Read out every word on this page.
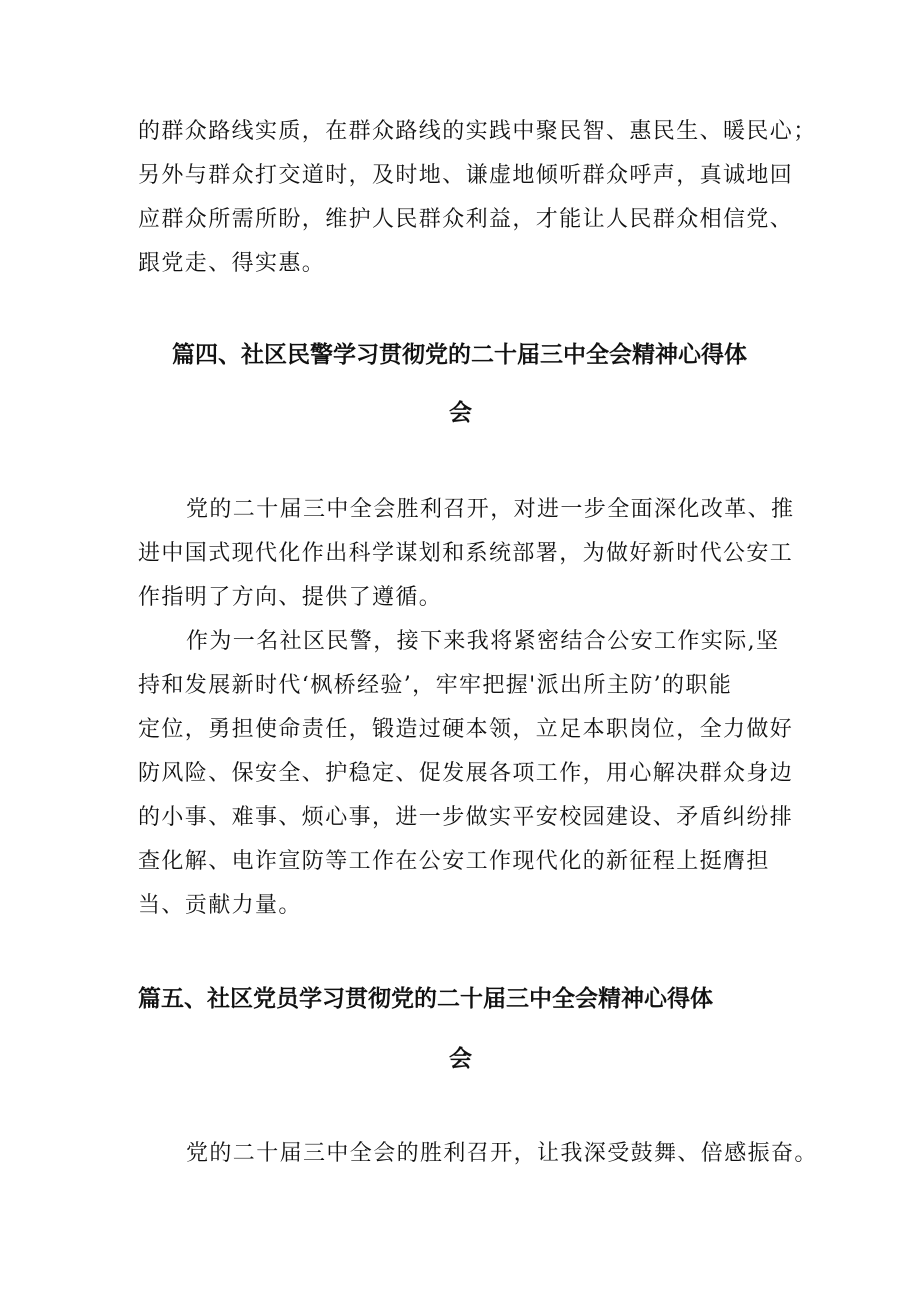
的群众路线实质，在群众路线的实践中聚民智、惠民生、暖民心；

另外与群众打交道时，及时地、谦虚地倾听群众呼声，真诚地回

应群众所需所盼，维护人民群众利益，才能让人民群众相信党、

跟党走、得实惠。

篇四、社区民警学习贯彻党的二十届三中全会精神心得体
会

党的二十届三中全会胜利召开，对进一步全面深化改革、推

进中国式现代化作出科学谋划和系统部署，为做好新时代公安工

作指明了方向、提供了遵循。

作为一名社区民警，接下来我将紧密结合公安工作实际,坚

持和发展新时代‘枫桥经验’，牢牢把握'派出所主防’的职能

定位，勇担使命责任，锻造过硬本领，立足本职岗位，全力做好

防风险、保安全、护稳定、促发展各项工作，用心解决群众身边

的小事、难事、烦心事，进一步做实平安校园建设、矛盾纠纷排

查化解、电诈宣防等工作在公安工作现代化的新征程上挺膺担

当、贡献力量。

篇五、社区党员学习贯彻党的二十届三中全会精神心得体
会

党的二十届三中全会的胜利召开，让我深受鼓舞、倍感振奋。
